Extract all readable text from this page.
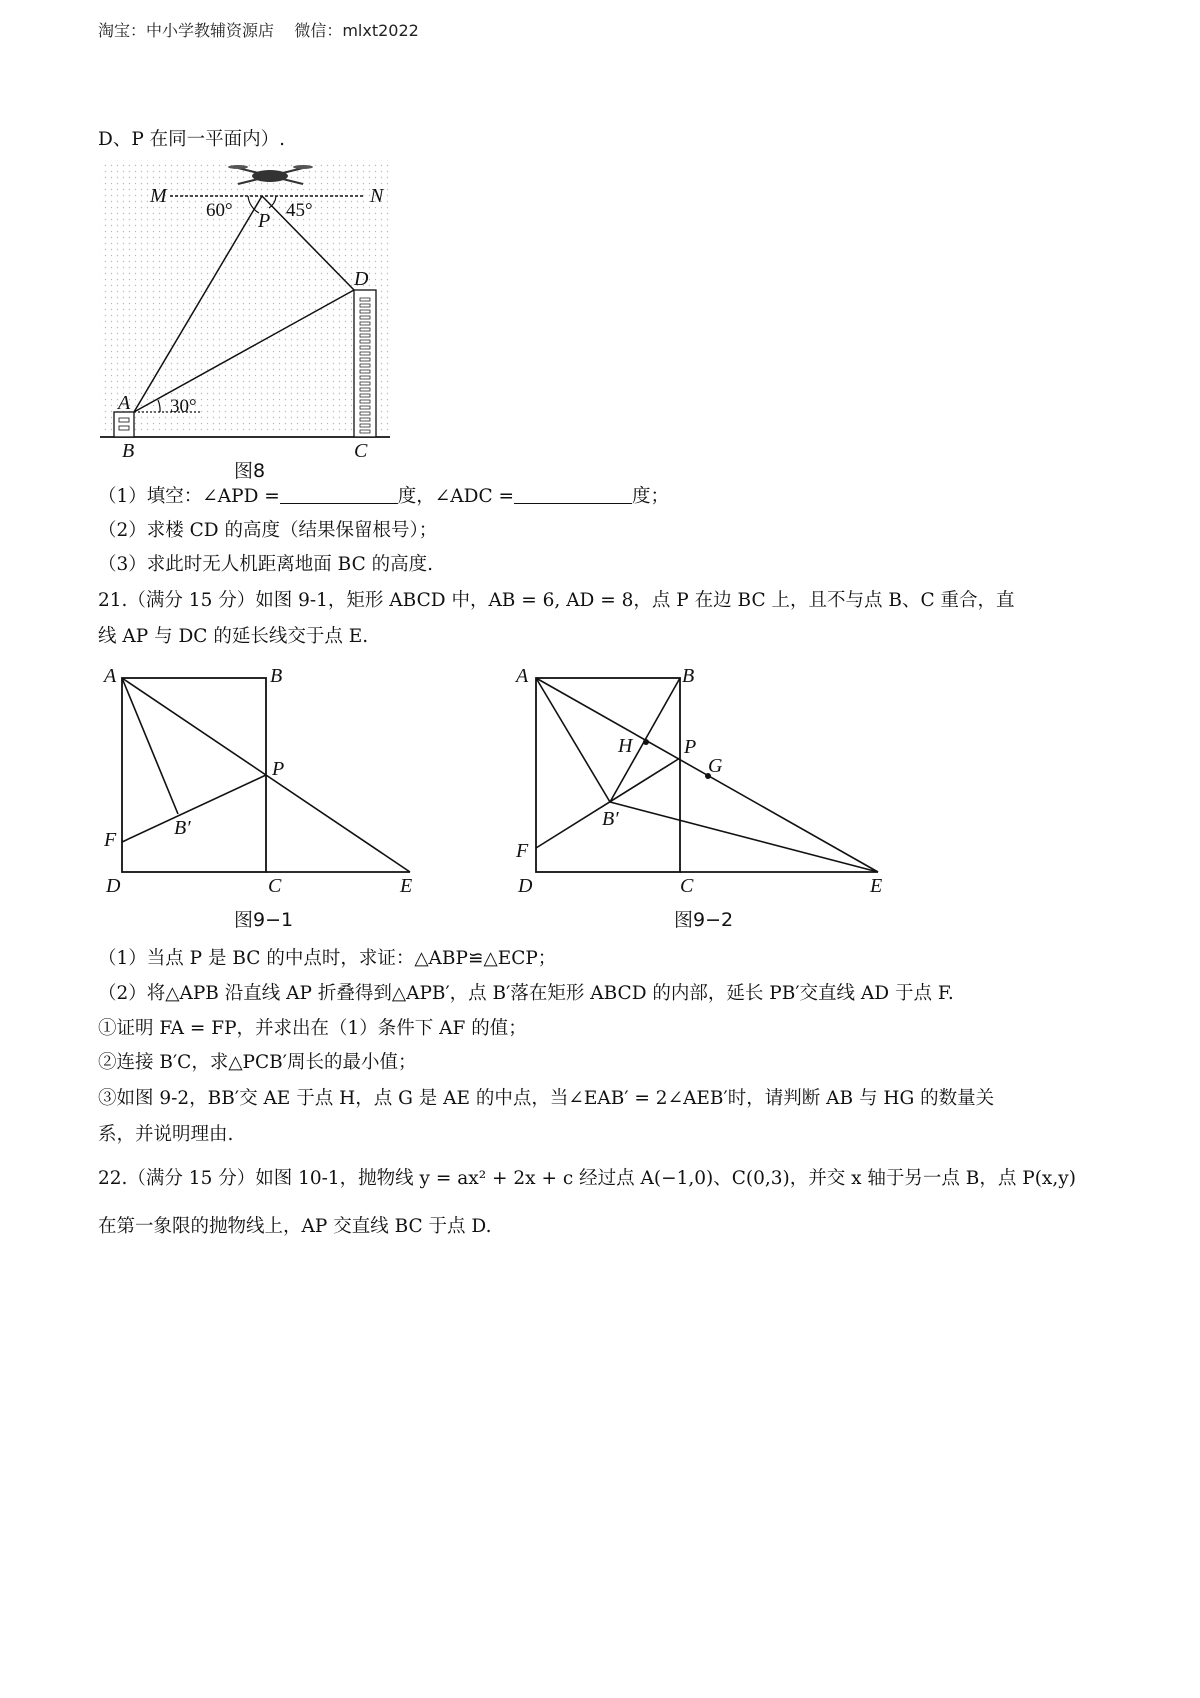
淘宝：中小学教辅资源店    微信：mlxt2022
D、P 在同一平面内）.
M	N
P
60°	45°
30°
A
D
B	C
图8
（1）填空：∠APD =	度，∠ADC =	度；
（2）求楼 CD 的高度（结果保留根号）；
（3）求此时无人机距离地面 BC 的高度.
21.（满分 15 分）如图 9-1，矩形 ABCD 中，AB = 6, AD = 8，点 P 在边 BC 上，且不与点 B、C 重合，直
线 AP 与 DC 的延长线交于点 E.
A	B
P
B′
F
D	C	E
图9−1
A	B
H	P
G
B′
F
D	C	E
图9−2
（1）当点 P 是 BC 的中点时，求证：△ABP≌△ECP；
（2）将△APB 沿直线 AP 折叠得到△APB′，点 B′落在矩形 ABCD 的内部，延长 PB′交直线 AD 于点 F.
①证明 FA = FP，并求出在（1）条件下 AF 的值；
②连接 B′C，求△PCB′周长的最小值；
③如图 9-2，BB′交 AE 于点 H，点 G 是 AE 的中点，当∠EAB′ = 2∠AEB′时，请判断 AB 与 HG 的数量关
系，并说明理由.
22.（满分 15 分）如图 10-1，抛物线 y = ax² + 2x + c 经过点 A(−1,0)、C(0,3)，并交 x 轴于另一点 B，点 P(x,y)
在第一象限的抛物线上，AP 交直线 BC 于点 D.
